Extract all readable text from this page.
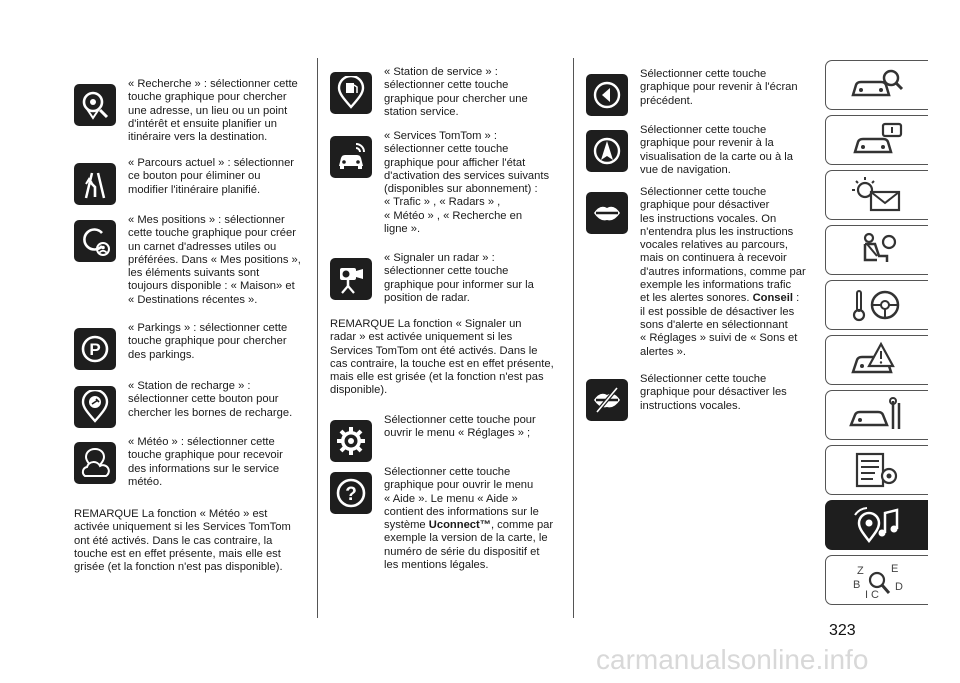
« Recherche » : sélectionner cette
touche graphique pour chercher
une adresse, un lieu ou un point
d'intérêt et ensuite planifier un
itinéraire vers la destination.

« Parcours actuel » : sélectionner
ce bouton pour éliminer ou
modifier l'itinéraire planifié.

« Mes positions » : sélectionner
cette touche graphique pour créer
un carnet d'adresses utiles ou
préférées. Dans « Mes positions »,
les éléments suivants sont
toujours disponible : « Maison» et
« Destinations récentes ».

P

« Parkings » : sélectionner cette
touche graphique pour chercher
des parkings.

« Station de recharge » :
sélectionner cette bouton pour
chercher les bornes de recharge.

« Météo » : sélectionner cette
touche graphique pour recevoir
des informations sur le service
météo.

REMARQUE La fonction « Météo » est
activée uniquement si les Services TomTom
ont été activés. Dans le cas contraire, la
touche est en effet présente, mais elle est
grisée (et la fonction n'est pas disponible).

« Station de service » :
sélectionner cette touche
graphique pour chercher une
station service.

« Services TomTom » :
sélectionner cette touche
graphique pour afficher l'état
d'activation des services suivants
(disponibles sur abonnement) :
« Trafic » , « Radars » ,
« Météo » , « Recherche en
ligne ».

« Signaler un radar » :
sélectionner cette touche
graphique pour informer sur la
position de radar.

REMARQUE La fonction « Signaler un
radar » est activée uniquement si les
Services TomTom ont été activés. Dans le
cas contraire, la touche est en effet présente,
mais elle est grisée (et la fonction n'est pas
disponible).

Sélectionner cette touche pour
ouvrir le menu « Réglages » ;

?

Sélectionner cette touche
graphique pour ouvrir le menu
« Aide ». Le menu « Aide »
contient des informations sur le
système Uconnect™, comme par
exemple la version de la carte, le
numéro de série du dispositif et
les mentions légales.

Sélectionner cette touche
graphique pour revenir à l'écran
précédent.

Sélectionner cette touche
graphique pour revenir à la
visualisation de la carte ou à la
vue de navigation.

Sélectionner cette touche
graphique pour désactiver
les instructions vocales. On
n'entendra plus les instructions
vocales relatives au parcours,
mais on continuera à recevoir
d'autres informations, comme par
exemple les informations trafic
et les alertes sonores. Conseil :
il est possible de désactiver les
sons d'alerte en sélectionnant
« Réglages » suivi de « Sons et
alertes ».

Sélectionner cette touche
graphique pour désactiver les
instructions vocales.

Z E
B	D
I C
323
carmanualsonline.info
